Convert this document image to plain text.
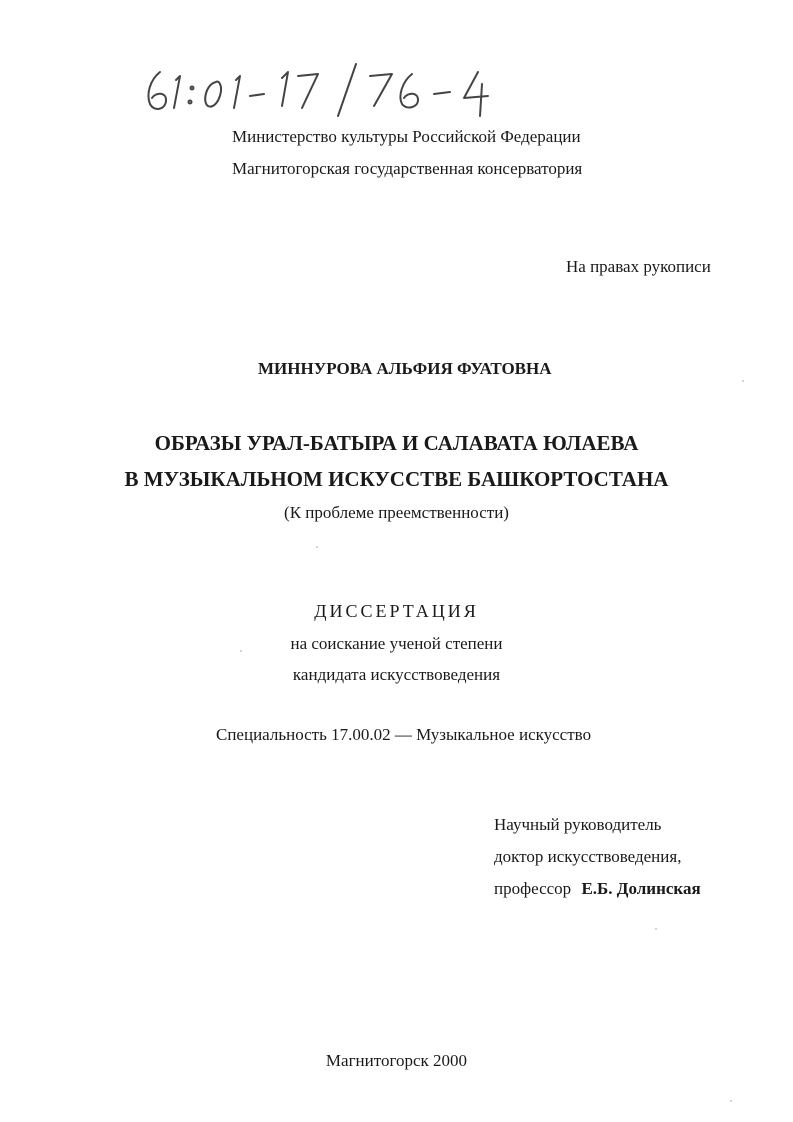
Министерство культуры Российской Федерации
Магнитогорская государственная консерватория
На правах рукописи
МИННУРОВА АЛЬФИЯ ФУАТОВНА
ОБРАЗЫ УРАЛ-БАТЫРА И САЛАВАТА ЮЛАЕВА
В МУЗЫКАЛЬНОМ ИСКУССТВЕ БАШКОРТОСТАНА
(К проблеме преемственности)
ДИССЕРТАЦИЯ
на соискание ученой степени
кандидата искусствоведения
Специальность 17.00.02 — Музыкальное искусство
Научный руководитель
доктор искусствоведения,
профессор Е.Б. Долинская
Магнитогорск 2000
